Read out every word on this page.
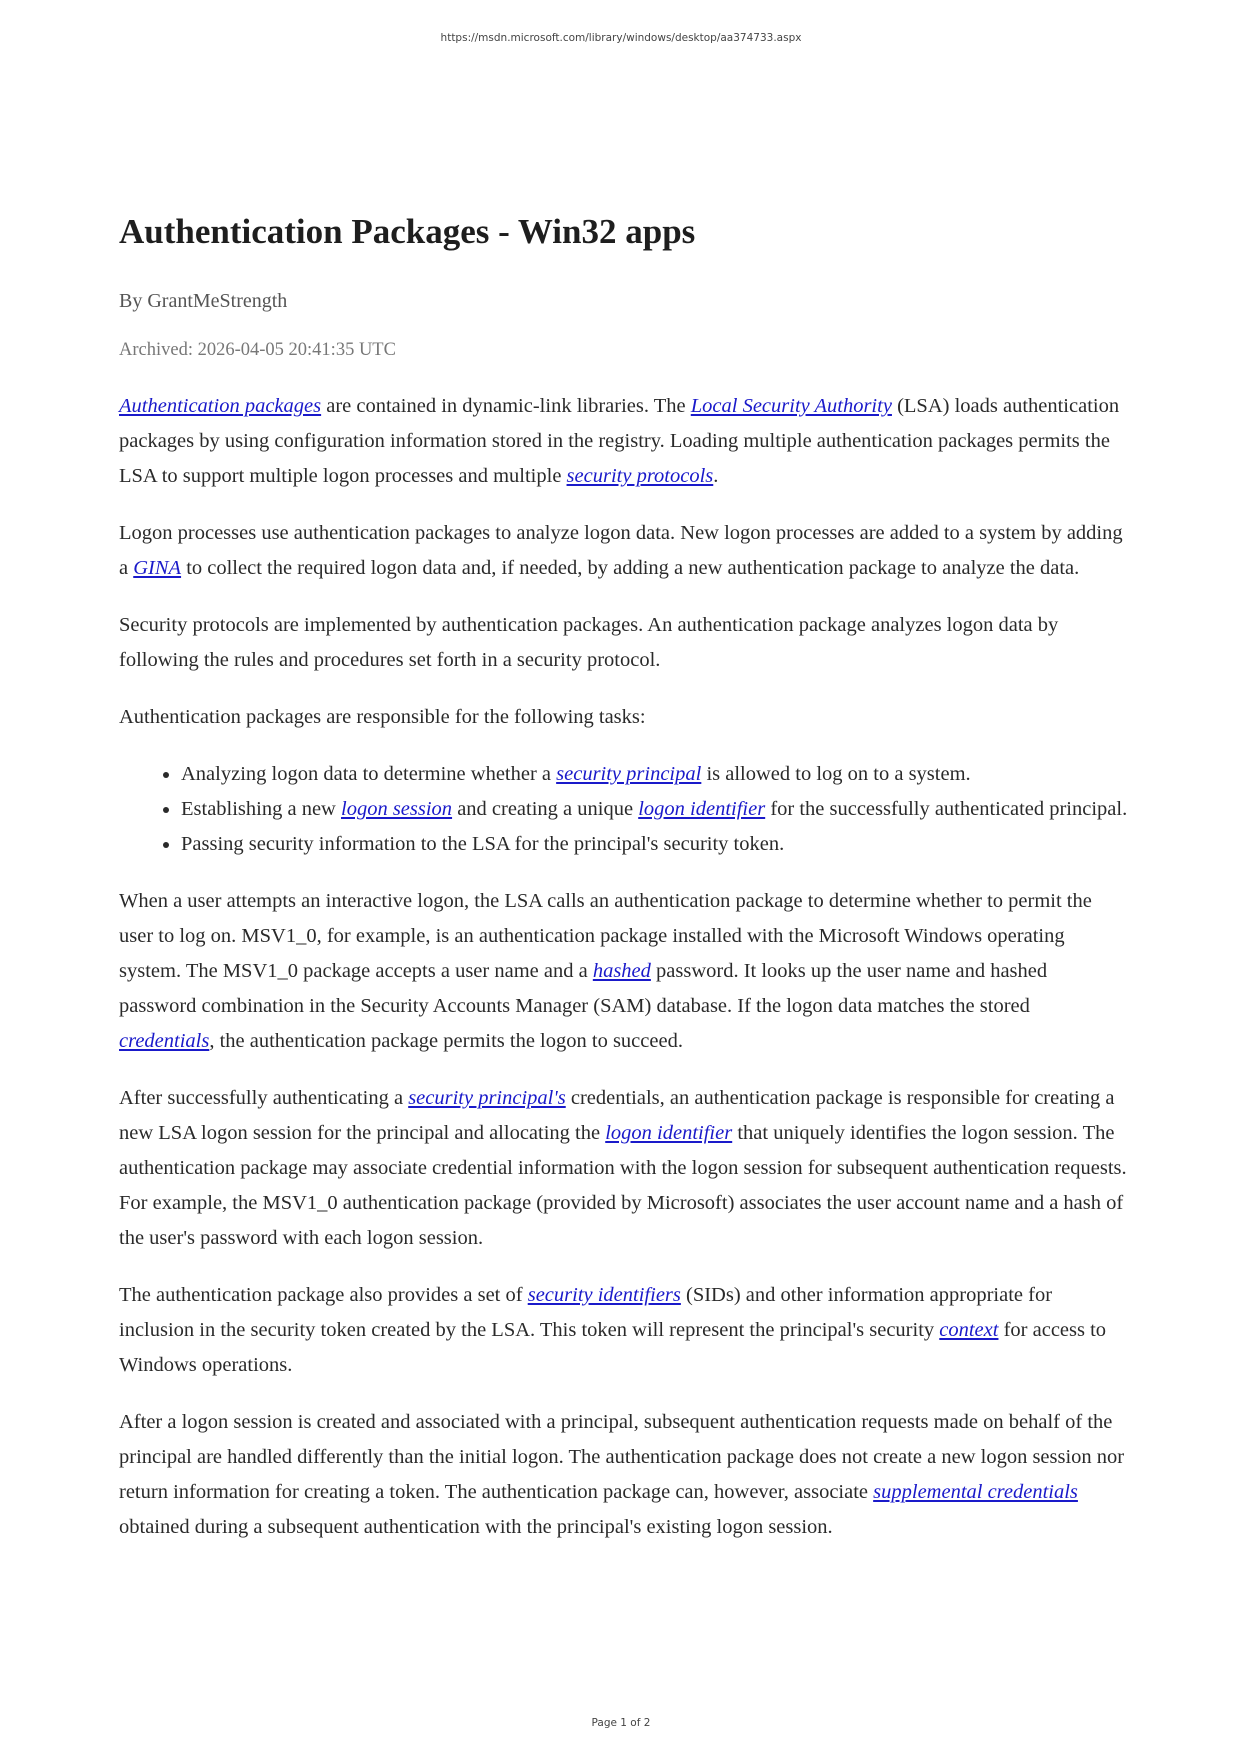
https://msdn.microsoft.com/library/windows/desktop/aa374733.aspx
Authentication Packages - Win32 apps
By GrantMeStrength
Archived: 2026-04-05 20:41:35 UTC

Authentication packages are contained in dynamic-link libraries. The Local Security Authority (LSA) loads authentication packages by using configuration information stored in the registry. Loading multiple authentication packages permits the LSA to support multiple logon processes and multiple security protocols.

Logon processes use authentication packages to analyze logon data. New logon processes are added to a system by adding a GINA to collect the required logon data and, if needed, by adding a new authentication package to analyze the data.

Security protocols are implemented by authentication packages. An authentication package analyzes logon data by following the rules and procedures set forth in a security protocol.

Authentication packages are responsible for the following tasks:

• Analyzing logon data to determine whether a security principal is allowed to log on to a system.
• Establishing a new logon session and creating a unique logon identifier for the successfully authenticated principal.
• Passing security information to the LSA for the principal's security token.

When a user attempts an interactive logon, the LSA calls an authentication package to determine whether to permit the user to log on. MSV1_0, for example, is an authentication package installed with the Microsoft Windows operating system. The MSV1_0 package accepts a user name and a hashed password. It looks up the user name and hashed password combination in the Security Accounts Manager (SAM) database. If the logon data matches the stored credentials, the authentication package permits the logon to succeed.

After successfully authenticating a security principal's credentials, an authentication package is responsible for creating a new LSA logon session for the principal and allocating the logon identifier that uniquely identifies the logon session. The authentication package may associate credential information with the logon session for subsequent authentication requests. For example, the MSV1_0 authentication package (provided by Microsoft) associates the user account name and a hash of the user's password with each logon session.

The authentication package also provides a set of security identifiers (SIDs) and other information appropriate for inclusion in the security token created by the LSA. This token will represent the principal's security context for access to Windows operations.

After a logon session is created and associated with a principal, subsequent authentication requests made on behalf of the principal are handled differently than the initial logon. The authentication package does not create a new logon session nor return information for creating a token. The authentication package can, however, associate supplemental credentials obtained during a subsequent authentication with the principal's existing logon session.

Page 1 of 2
